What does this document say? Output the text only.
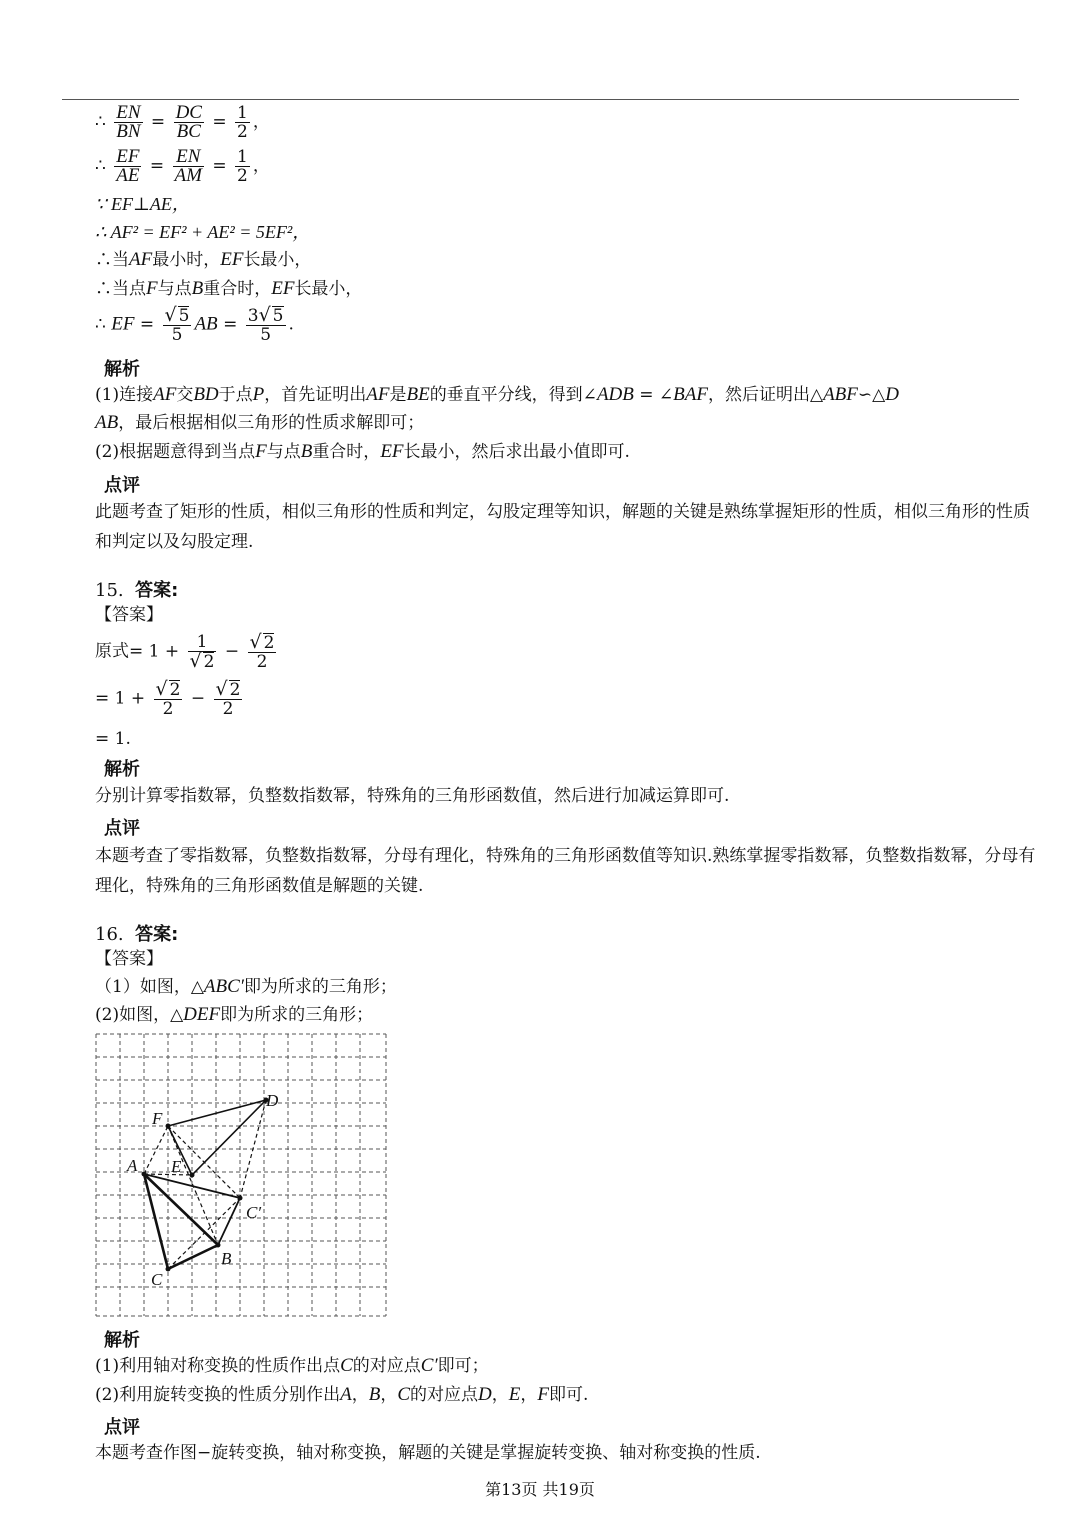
∴ $\frac{EN}{BN} = \frac{DC}{BC} = \frac{1}{2}$ ，
∴ $\frac{EF}{AE} = \frac{EN}{AM} = \frac{1}{2}$ ，
∵ EF⊥AE，
∴ AF² = EF² + AE² = 5EF²，
∴当AF最小时，EF长最小，
∴当点F与点B重合时，EF长最小，
∴ EF = $\frac{√ 5}{5}$ AB = $\frac{3√ 5}{5}$ .
解析
(1)连接AF交BD于点P，首先证明出AF是BE的垂直平分线，得到∠ADB = ∠BAF，然后证明出△ABF∽△D
AB，最后根据相似三角形的性质求解即可；
(2)根据题意得到当点F与点B重合时，EF长最小，然后求出最小值即可.
点评
此题考查了矩形的性质，相似三角形的性质和判定，勾股定理等知识，解题的关键是熟练掌握矩形的性质，相似三角形的性质和判定以及勾股定理.
15. 答案:
【答案】
原式= $1 + \frac{1}{√ 2} - \frac{√ 2}{2}$
= $1 + \frac{√ 2}{2} - \frac{√ 2}{2}$
= 1.
解析
分别计算零指数幂，负整数指数幂，特殊角的三角形函数值，然后进行加减运算即可.
点评
本题考查了零指数幂，负整数指数幂，分母有理化，特殊角的三角形函数值等知识.熟练掌握零指数幂，负整数指数幂，分母有理化，特殊角的三角形函数值是解题的关键.
16. 答案:
【答案】
（1）如图，△ABC′即为所求的三角形；
(2)如图，△DEF即为所求的三角形；
A
B
C
C′
D
E
F
解析
(1)利用轴对称变换的性质作出点C的对应点C′即可；
(2)利用旋转变换的性质分别作出A，B，C的对应点D，E，F即可.
点评
本题考查作图−旋转变换，轴对称变换，解题的关键是掌握旋转变换、轴对称变换的性质.
第13页 共19页
